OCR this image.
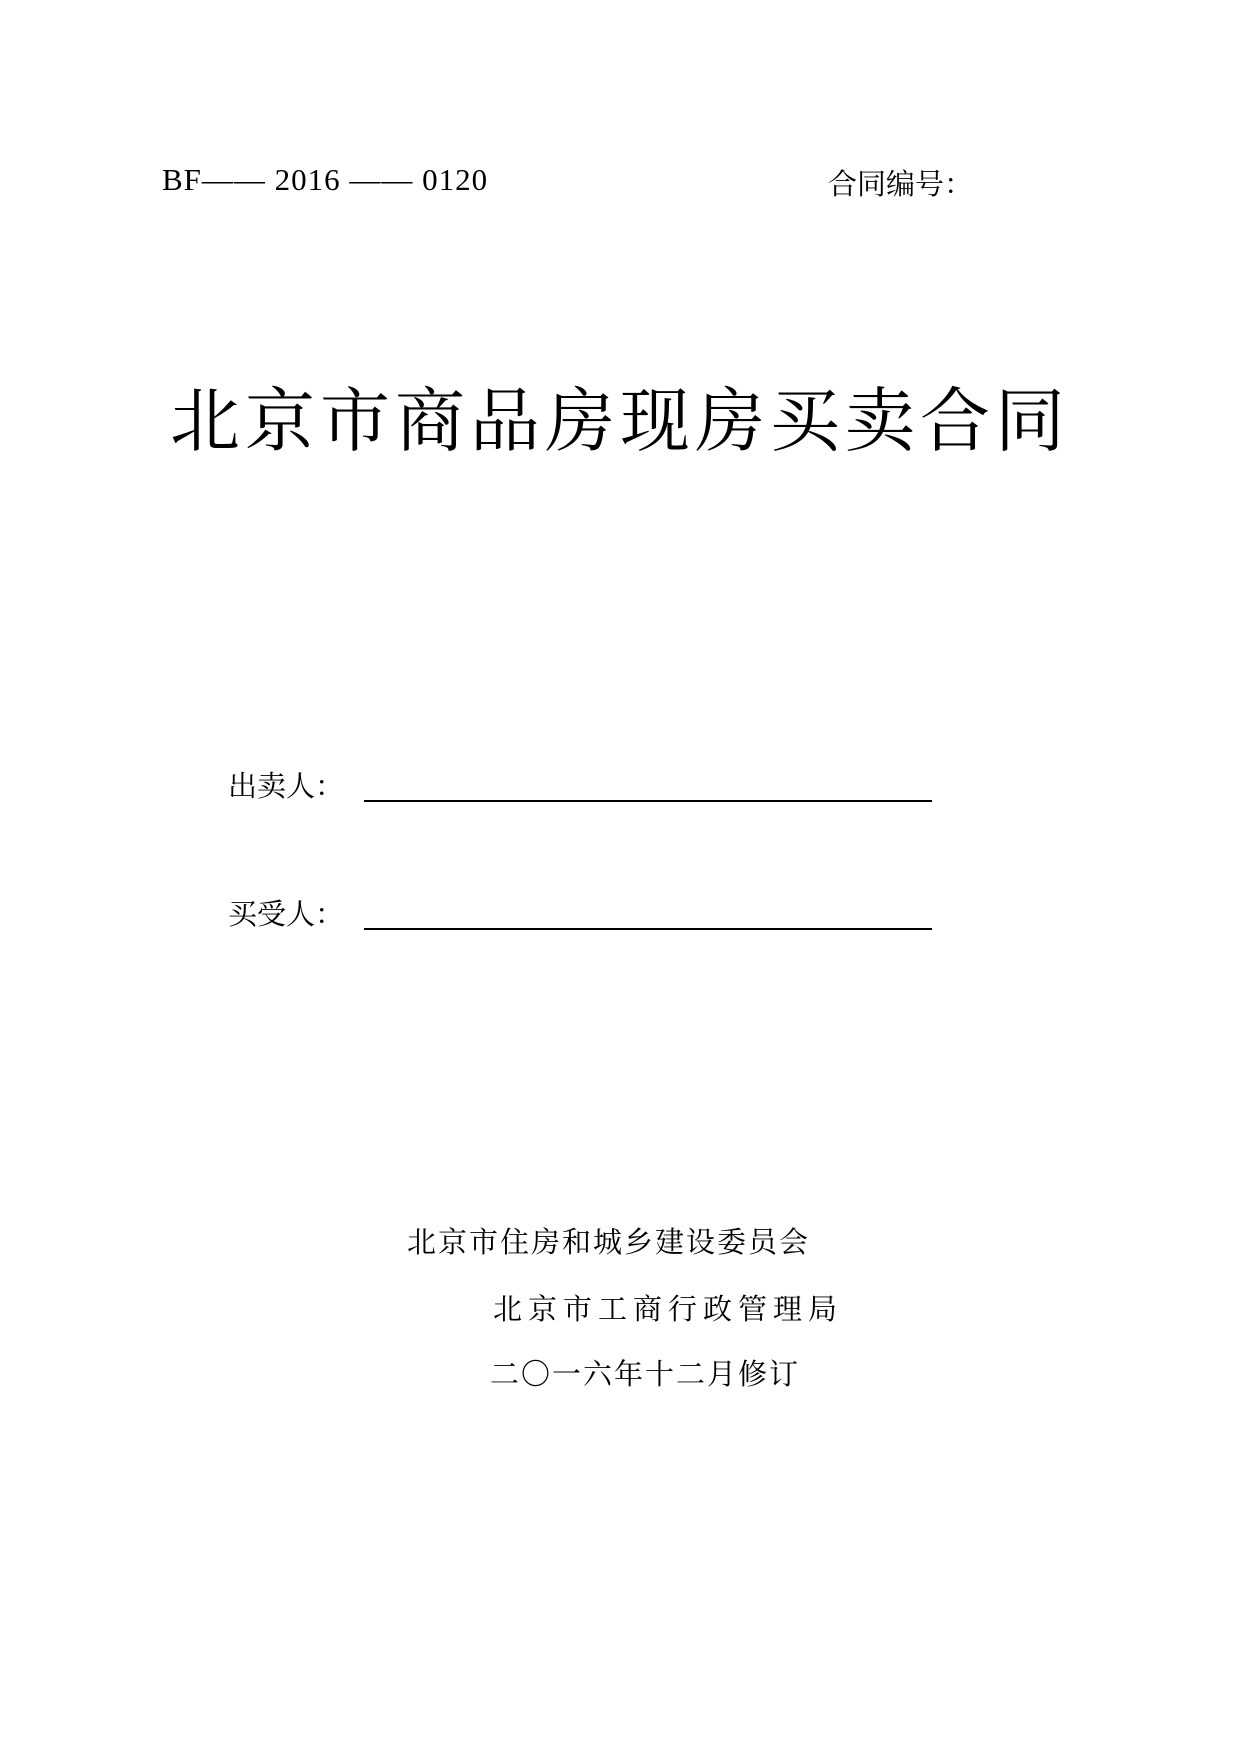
BF—— 2016 —— 0120	合同编号：
北京市商品房现房买卖合同
出卖人：
买受人：
北京市住房和城乡建设委员会
北京市工商行政管理局
二〇一六年十二月修订
